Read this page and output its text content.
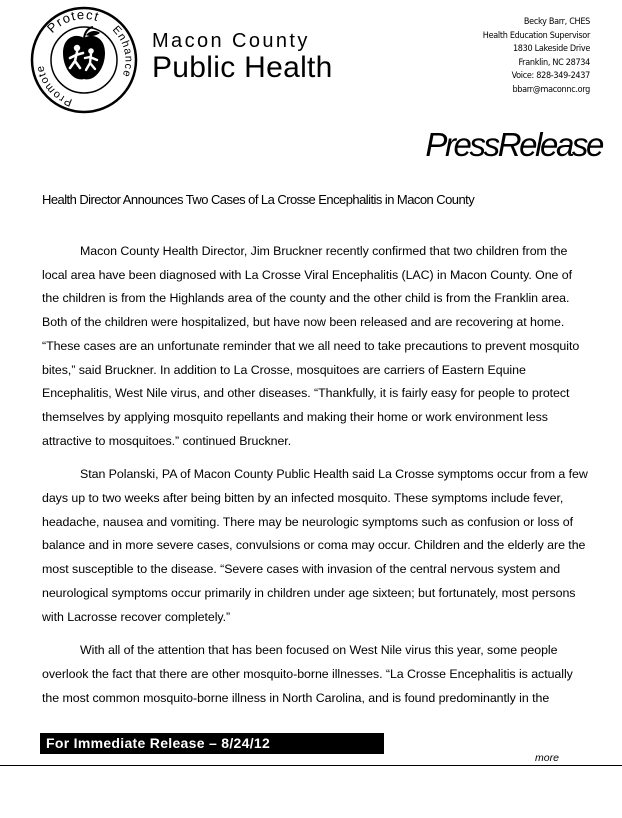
Protect
Enhance
Promote
Macon County
Public Health
Becky Barr, CHES
Health Education Supervisor
1830 Lakeside Drive
Franklin, NC 28734
Voice: 828-349-2437
bbarr@maconnc.org
PressRelease
Health Director Announces Two Cases of La Crosse Encephalitis in Macon County

Macon County Health Director, Jim Bruckner recently confirmed that two children from the local area have been diagnosed with La Crosse Viral Encephalitis (LAC) in Macon County. One of the children is from the Highlands area of the county and the other child is from the Franklin area. Both of the children were hospitalized, but have now been released and are recovering at home. “These cases are an unfortunate reminder that we all need to take precautions to prevent mosquito bites,” said Bruckner. In addition to La Crosse, mosquitoes are carriers of Eastern Equine Encephalitis, West Nile virus, and other diseases. “Thankfully, it is fairly easy for people to protect themselves by applying mosquito repellants and making their home or work environment less attractive to mosquitoes.” continued Bruckner.

Stan Polanski, PA of Macon County Public Health said La Crosse symptoms occur from a few days up to two weeks after being bitten by an infected mosquito. These symptoms include fever, headache, nausea and vomiting. There may be neurologic symptoms such as confusion or loss of balance and in more severe cases, convulsions or coma may occur. Children and the elderly are the most susceptible to the disease. “Severe cases with invasion of the central nervous system and neurological symptoms occur primarily in children under age sixteen; but fortunately, most persons with Lacrosse recover completely.”

With all of the attention that has been focused on West Nile virus this year, some people overlook the fact that there are other mosquito-borne illnesses. “La Crosse Encephalitis is actually the most common mosquito-borne illness in North Carolina, and is found predominantly in the

For Immediate Release – 8/24/12
more
